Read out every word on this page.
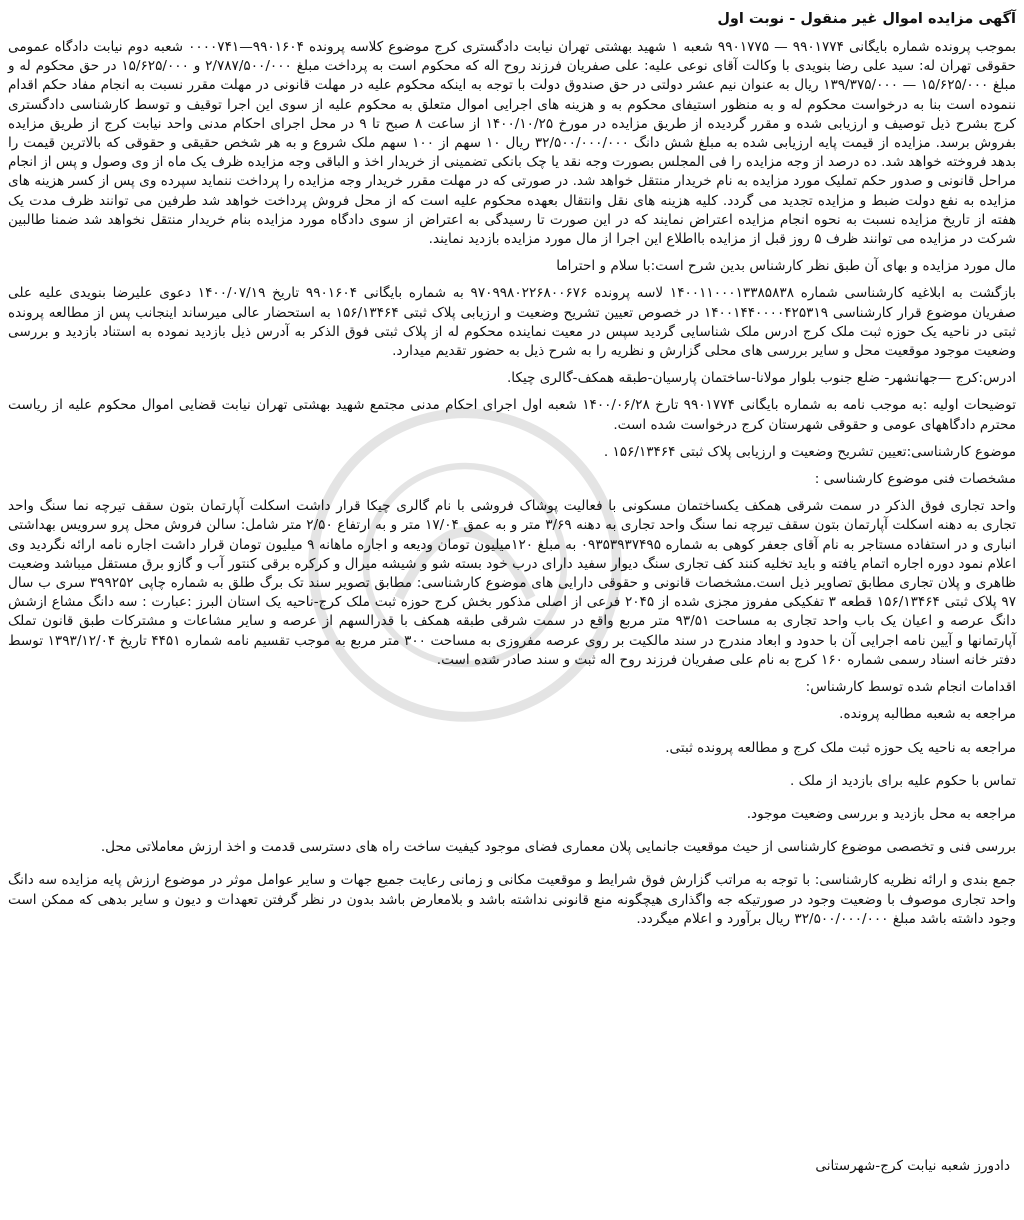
آگهی مزایده اموال غیر منقول - نوبت اول
بموجب پرونده شماره بایگانی ۹۹۰۱۷۷۴ — ۹۹۰۱۷۷۵ شعبه ۱ شهید بهشتی تهران نیابت دادگستری کرج موضوع کلاسه پرونده ۹۹۰۱۶۰۴—۰۰۰۰۷۴۱ شعبه دوم نیابت دادگاه عمومی حقوقی تهران له: سید علی رضا بنویدی با وکالت آقای نوعی علیه: علی صفریان فرزند روح اله که محکوم است به پرداخت مبلغ ۲/۷۸۷/۵۰۰/۰۰۰ و ۱۵/۶۲۵/۰۰۰ در حق محکوم له و مبلغ ۱۵/۶۲۵/۰۰۰ — ۱۳۹/۳۷۵/۰۰۰ ریال به عنوان نیم عشر دولتی در حق صندوق دولت با توجه به اینکه محکوم علیه در مهلت قانونی در مهلت مقرر نسبت به انجام مفاد حکم اقدام ننموده است بنا به درخواست محکوم له و به منظور استیفای محکوم به و هزینه های اجرایی اموال متعلق به محکوم علیه از سوی این اجرا توقیف و توسط کارشناسی دادگستری کرج بشرح ذیل توصیف و ارزیابی شده و مقرر گردیده از طریق مزایده در مورخ ۱۴۰۰/۱۰/۲۵ از ساعت ۸ صبح تا ۹ در محل اجرای احکام مدنی واحد نیابت کرج از طریق مزایده بفروش برسد. مزایده از قیمت پایه ارزیابی شده به مبلغ شش دانگ ۳۲/۵۰۰/۰۰۰/۰۰۰ ریال ۱۰ سهم از ۱۰۰ سهم ملک شروع و به هر شخص حقیقی و حقوقی که بالاترین قیمت را بدهد فروخته خواهد شد. ده درصد از وجه مزایده را فی المجلس بصورت وجه نقد یا چک بانکی تضمینی از خریدار اخذ و الباقی وجه مزایده ظرف یک ماه از وی وصول و پس از انجام مراحل قانونی و صدور حکم تملیک مورد مزایده به نام خریدار منتقل خواهد شد. در صورتی که در مهلت مقرر خریدار وجه مزایده را پرداخت ننماید سپرده وی پس از کسر هزینه های مزایده به نفع دولت ضبط و مزایده تجدید می گردد. کلیه هزینه های نقل وانتقال بعهده محکوم علیه است که از محل فروش پرداخت خواهد شد طرفین می توانند ظرف مدت یک هفته از تاریخ مزایده نسبت به نحوه انجام مزایده اعتراض نمایند که در این صورت تا رسیدگی به اعتراض از سوی دادگاه مورد مزایده بنام خریدار منتقل نخواهد شد ضمنا طالبین شرکت در مزایده می توانند ظرف ۵ روز قبل از مزایده بااطلاع این اجرا از مال مورد مزایده بازدید نمایند.
مال مورد مزایده و بهای آن طبق نظر کارشناس بدین شرح است:با سلام و احتراما
بازگشت به ابلاغیه کارشناسی شماره ۱۴۰۰۱۱۰۰۰۱۳۳۸۵۸۳۸ لاسه پرونده ۹۷۰۹۹۸۰۲۲۶۸۰۰۶۷۶ به شماره بایگانی ۹۹۰۱۶۰۴ تاریخ ۱۴۰۰/۰۷/۱۹ دعوی علیرضا بنویدی علیه علی صفریان موضوع قرار کارشناسی ۱۴۰۰۱۴۴۰۰۰۰۴۲۵۳۱۹ در خصوص تعیین تشریح وضعیت و ارزیابی پلاک ثبتی ۱۵۶/۱۳۴۶۴ به استحضار عالی میرساند اینجانب پس از مطالعه پرونده ثبتی در ناحیه یک حوزه ثبت ملک کرج ادرس ملک شناسایی گردید سپس در معیت نماینده محکوم له از پلاک ثبتی فوق الذکر به آدرس ذیل بازدید نموده به استناد بازدید و بررسی وضعیت موجود موقعیت محل و سایر بررسی های محلی گزارش و نظریه را به شرح ذیل به حضور تقدیم میدارد.
ادرس:کرج —جهانشهر- ضلع جنوب بلوار مولانا-ساختمان پارسیان-طبقه همکف-گالری چیکا.
توضیحات اولیه :به موجب نامه به شماره بایگانی ۹۹۰۱۷۷۴ تارخ ۱۴۰۰/۰۶/۲۸ شعبه اول اجرای احکام مدنی مجتمع شهید بهشتی تهران نیابت قضایی اموال محکوم علیه از ریاست محترم دادگاههای عومی و حقوقی شهرستان کرج درخواست شده است.
موضوع کارشناسی:تعیین تشریح وضعیت و ارزیابی پلاک ثبتی ۱۵۶/۱۳۴۶۴ .
مشخصات فنی موضوع کارشناسی :
واحد تجاری فوق الذکر در سمت شرقی همکف یکساختمان مسکونی با فعالیت پوشاک فروشی با نام گالری چیکا قرار داشت اسکلت آپارتمان بتون سقف تیرچه نما سنگ واحد تجاری به دهنه اسکلت آپارتمان بتون سقف تیرچه نما سنگ واحد تجاری به دهنه ۳/۶۹ متر و به عمق ۱۷/۰۴ متر و به ارتفاع ۲/۵۰ متر شامل: سالن فروش محل پرو سرویس بهداشتی انباری و در استفاده مستاجر به نام آقای جعفر کوهی به شماره ۰۹۳۵۳۹۳۷۴۹۵ به مبلغ ۱۲۰میلیون تومان ودیعه و اجاره ماهانه ۹ میلیون تومان قرار داشت اجاره نامه ارائه نگردید وی اعلام نمود دوره اجاره اتمام یافته و باید تخلیه کنند کف تجاری سنگ دیوار سفید دارای درب خود بسته شو و شیشه میرال و کرکره برقی کنتور آب و گازو برق مستقل میباشد وضعیت ظاهری و پلان تجاری مطابق تصاویر ذیل است.مشخصات قانونی و حقوقی دارایی های موضوع کارشناسی: مطابق تصویر سند تک برگ طلق به شماره چاپی ۳۹۹۲۵۲ سری ب سال ۹۷ پلاک ثبتی ۱۵۶/۱۳۴۶۴ قطعه ۳ تفکیکی مفروز مجزی شده از ۲۰۴۵ فرعی از اصلی مذکور بخش کرج حوزه ثبت ملک کرج-ناحیه یک استان البرز :عبارت : سه دانگ مشاع ازشش دانگ عرصه و اعیان یک باب واحد تجاری به مساحت ۹۳/۵۱ متر مربع واقع در سمت شرقی طبقه همکف با قدرالسهم از عرصه و سایر مشاعات و مشترکات طبق قانون تملک آپارتمانها و آیین نامه اجرایی آن با حدود و ابعاد مندرج در سند مالکیت بر روی عرصه مفروزی به مساحت ۳۰۰ متر مربع به موجب تقسیم نامه شماره ۴۴۵۱ تاریخ ۱۳۹۳/۱۲/۰۴ توسط دفتر خانه اسناد رسمی شماره ۱۶۰ کرج به نام علی صفریان فرزند روح اله ثبت و سند صادر شده است.
اقدامات انجام شده توسط کارشناس:
مراجعه به شعبه مطالبه پرونده.
مراجعه به ناحیه یک حوزه ثبت ملک کرج و مطالعه پرونده ثبتی.
تماس با حکوم علیه برای بازدید از ملک .
مراجعه به محل بازدید و بررسی وضعیت موجود.
بررسی فنی و تخصصی موضوع کارشناسی از حیث موقعیت جانمایی پلان معماری فضای موجود کیفیت ساخت راه های دسترسی قدمت و اخذ ارزش معاملاتی محل.
جمع بندی و ارائه نظریه کارشناسی: با توجه به مراتب گزارش فوق شرایط و موقعیت مکانی و زمانی رعایت جمیع جهات و سایر عوامل موثر در موضوع ارزش پایه مزایده سه دانگ واحد تجاری موصوف با وضعیت وجود در صورتیکه جه واگذاری هیچگونه منع قانونی نداشته باشد و بلامعارض باشد بدون در نظر گرفتن تعهدات و دیون و سایر بدهی که ممکن است وجود داشته باشد مبلغ ۳۲/۵۰۰/۰۰۰/۰۰۰ ریال برآورد و اعلام میگردد.
دادورز شعبه نیابت کرج-شهرستانی
